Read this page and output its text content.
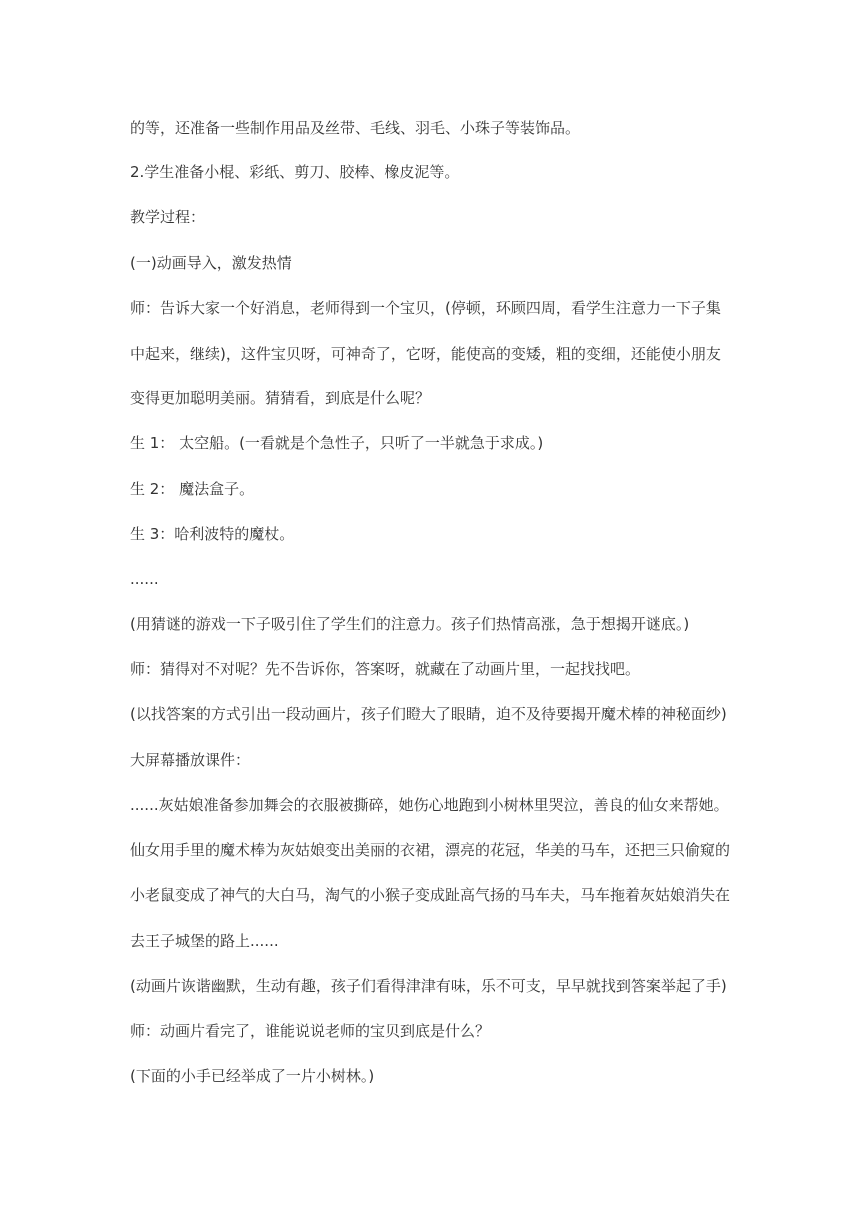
的等，还准备一些制作用品及丝带、毛线、羽毛、小珠子等装饰品。
2.学生准备小棍、彩纸、剪刀、胶棒、橡皮泥等。
教学过程：
(一)动画导入，激发热情
师：告诉大家一个好消息，老师得到一个宝贝，(停顿，环顾四周，看学生注意力一下子集
中起来，继续)，这件宝贝呀，可神奇了，它呀，能使高的变矮，粗的变细，还能使小朋友
变得更加聪明美丽。猜猜看，到底是什么呢？
生 1： 太空船。(一看就是个急性子，只听了一半就急于求成。)
生 2： 魔法盒子。
生 3：哈利波特的魔杖。
......
(用猜谜的游戏一下子吸引住了学生们的注意力。孩子们热情高涨，急于想揭开谜底。)
师：猜得对不对呢？先不告诉你，答案呀，就藏在了动画片里，一起找找吧。
(以找答案的方式引出一段动画片，孩子们瞪大了眼睛，迫不及待要揭开魔术棒的神秘面纱)
大屏幕播放课件：
......灰姑娘准备参加舞会的衣服被撕碎，她伤心地跑到小树林里哭泣，善良的仙女来帮她。
仙女用手里的魔术棒为灰姑娘变出美丽的衣裙，漂亮的花冠，华美的马车，还把三只偷窥的
小老鼠变成了神气的大白马，淘气的小猴子变成趾高气扬的马车夫，马车拖着灰姑娘消失在
去王子城堡的路上......
(动画片诙谐幽默，生动有趣，孩子们看得津津有味，乐不可支，早早就找到答案举起了手)
师：动画片看完了，谁能说说老师的宝贝到底是什么？
(下面的小手已经举成了一片小树林。)
